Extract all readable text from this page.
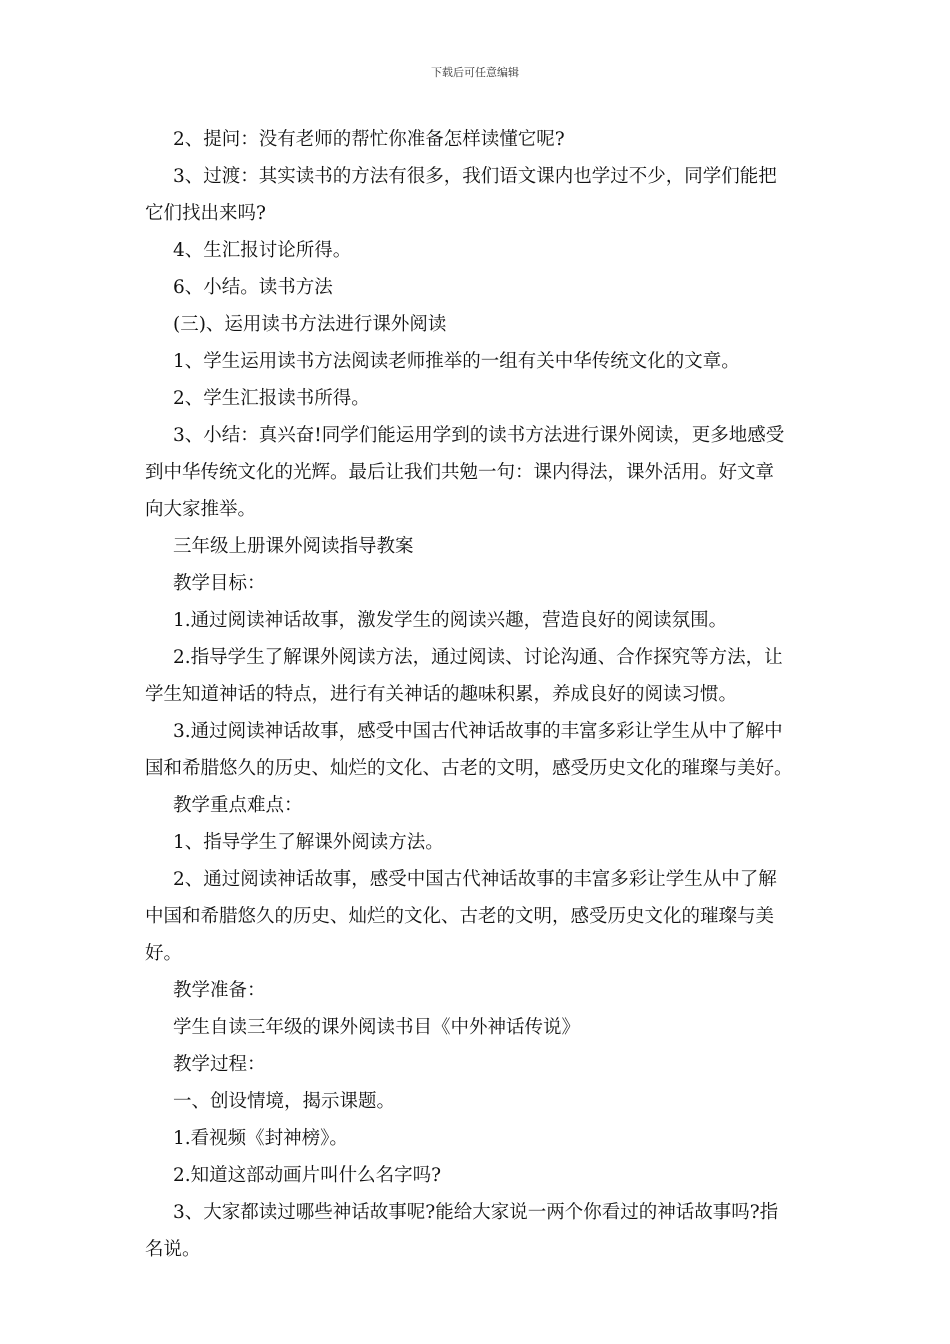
下载后可任意编辑
2、提问：没有老师的帮忙你准备怎样读懂它呢?
3、过渡：其实读书的方法有很多，我们语文课内也学过不少，同学们能把
它们找出来吗?
4、生汇报讨论所得。
6、小结。读书方法
(三)、运用读书方法进行课外阅读
1、学生运用读书方法阅读老师推举的一组有关中华传统文化的文章。
2、学生汇报读书所得。
3、小结：真兴奋!同学们能运用学到的读书方法进行课外阅读，更多地感受
到中华传统文化的光辉。最后让我们共勉一句：课内得法，课外活用。好文章
向大家推举。
三年级上册课外阅读指导教案
教学目标：
1.通过阅读神话故事，激发学生的阅读兴趣，营造良好的阅读氛围。
2.指导学生了解课外阅读方法，通过阅读、讨论沟通、合作探究等方法，让
学生知道神话的特点，进行有关神话的趣味积累，养成良好的阅读习惯。
3.通过阅读神话故事，感受中国古代神话故事的丰富多彩让学生从中了解中
国和希腊悠久的历史、灿烂的文化、古老的文明，感受历史文化的璀璨与美好。
教学重点难点：
1、指导学生了解课外阅读方法。
2、通过阅读神话故事，感受中国古代神话故事的丰富多彩让学生从中了解
中国和希腊悠久的历史、灿烂的文化、古老的文明，感受历史文化的璀璨与美
好。
教学准备：
学生自读三年级的课外阅读书目《中外神话传说》
教学过程：
一、创设情境，揭示课题。
1.看视频《封神榜》。
2.知道这部动画片叫什么名字吗?
3、大家都读过哪些神话故事呢?能给大家说一两个你看过的神话故事吗?指
名说。
